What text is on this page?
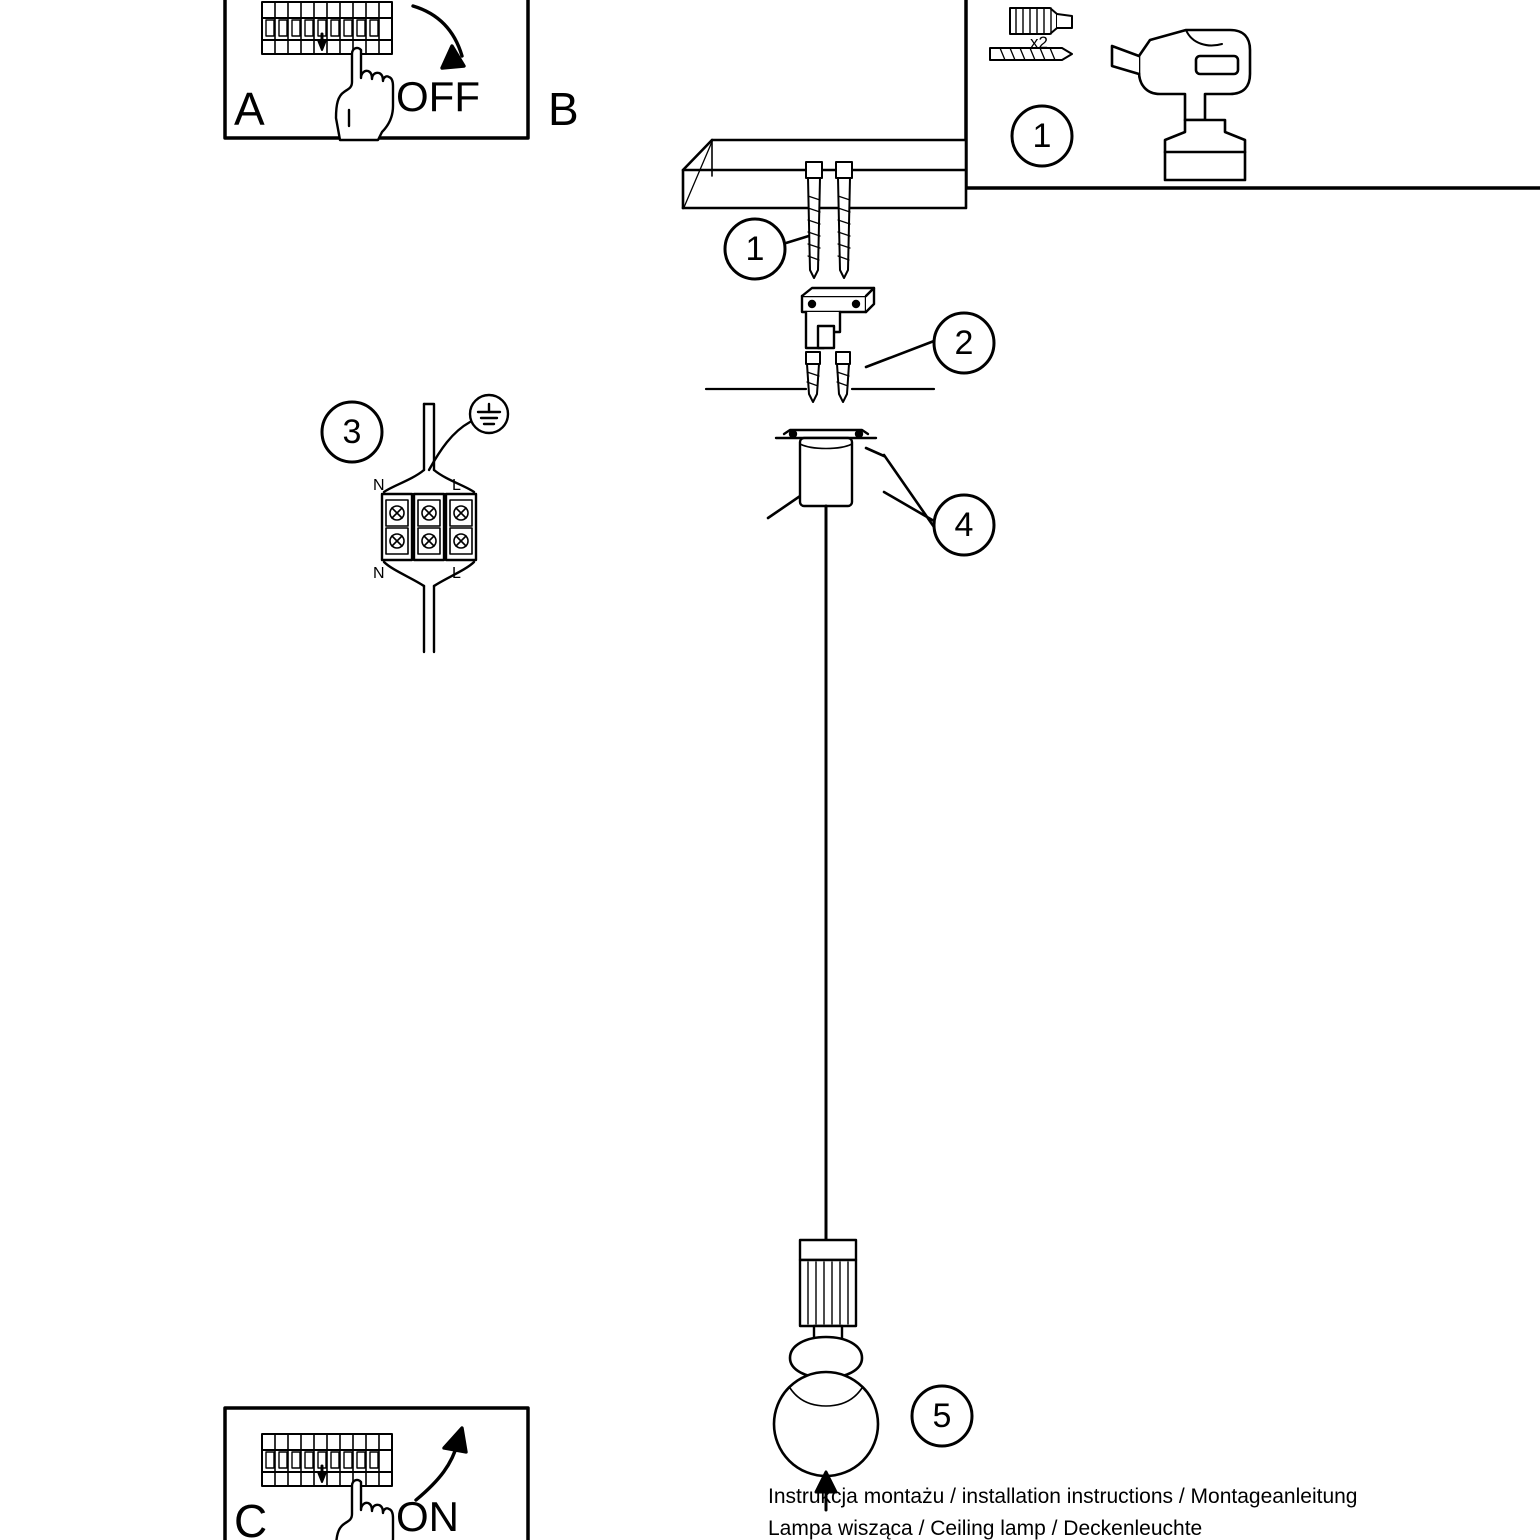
A	OFF B
C	ON
x2
1
1
2
3
4
5
N	L
N	L
Instrukcja montażu / installation instructions / Montageanleitung
Lampa wisząca / Ceiling lamp / Deckenleuchte
